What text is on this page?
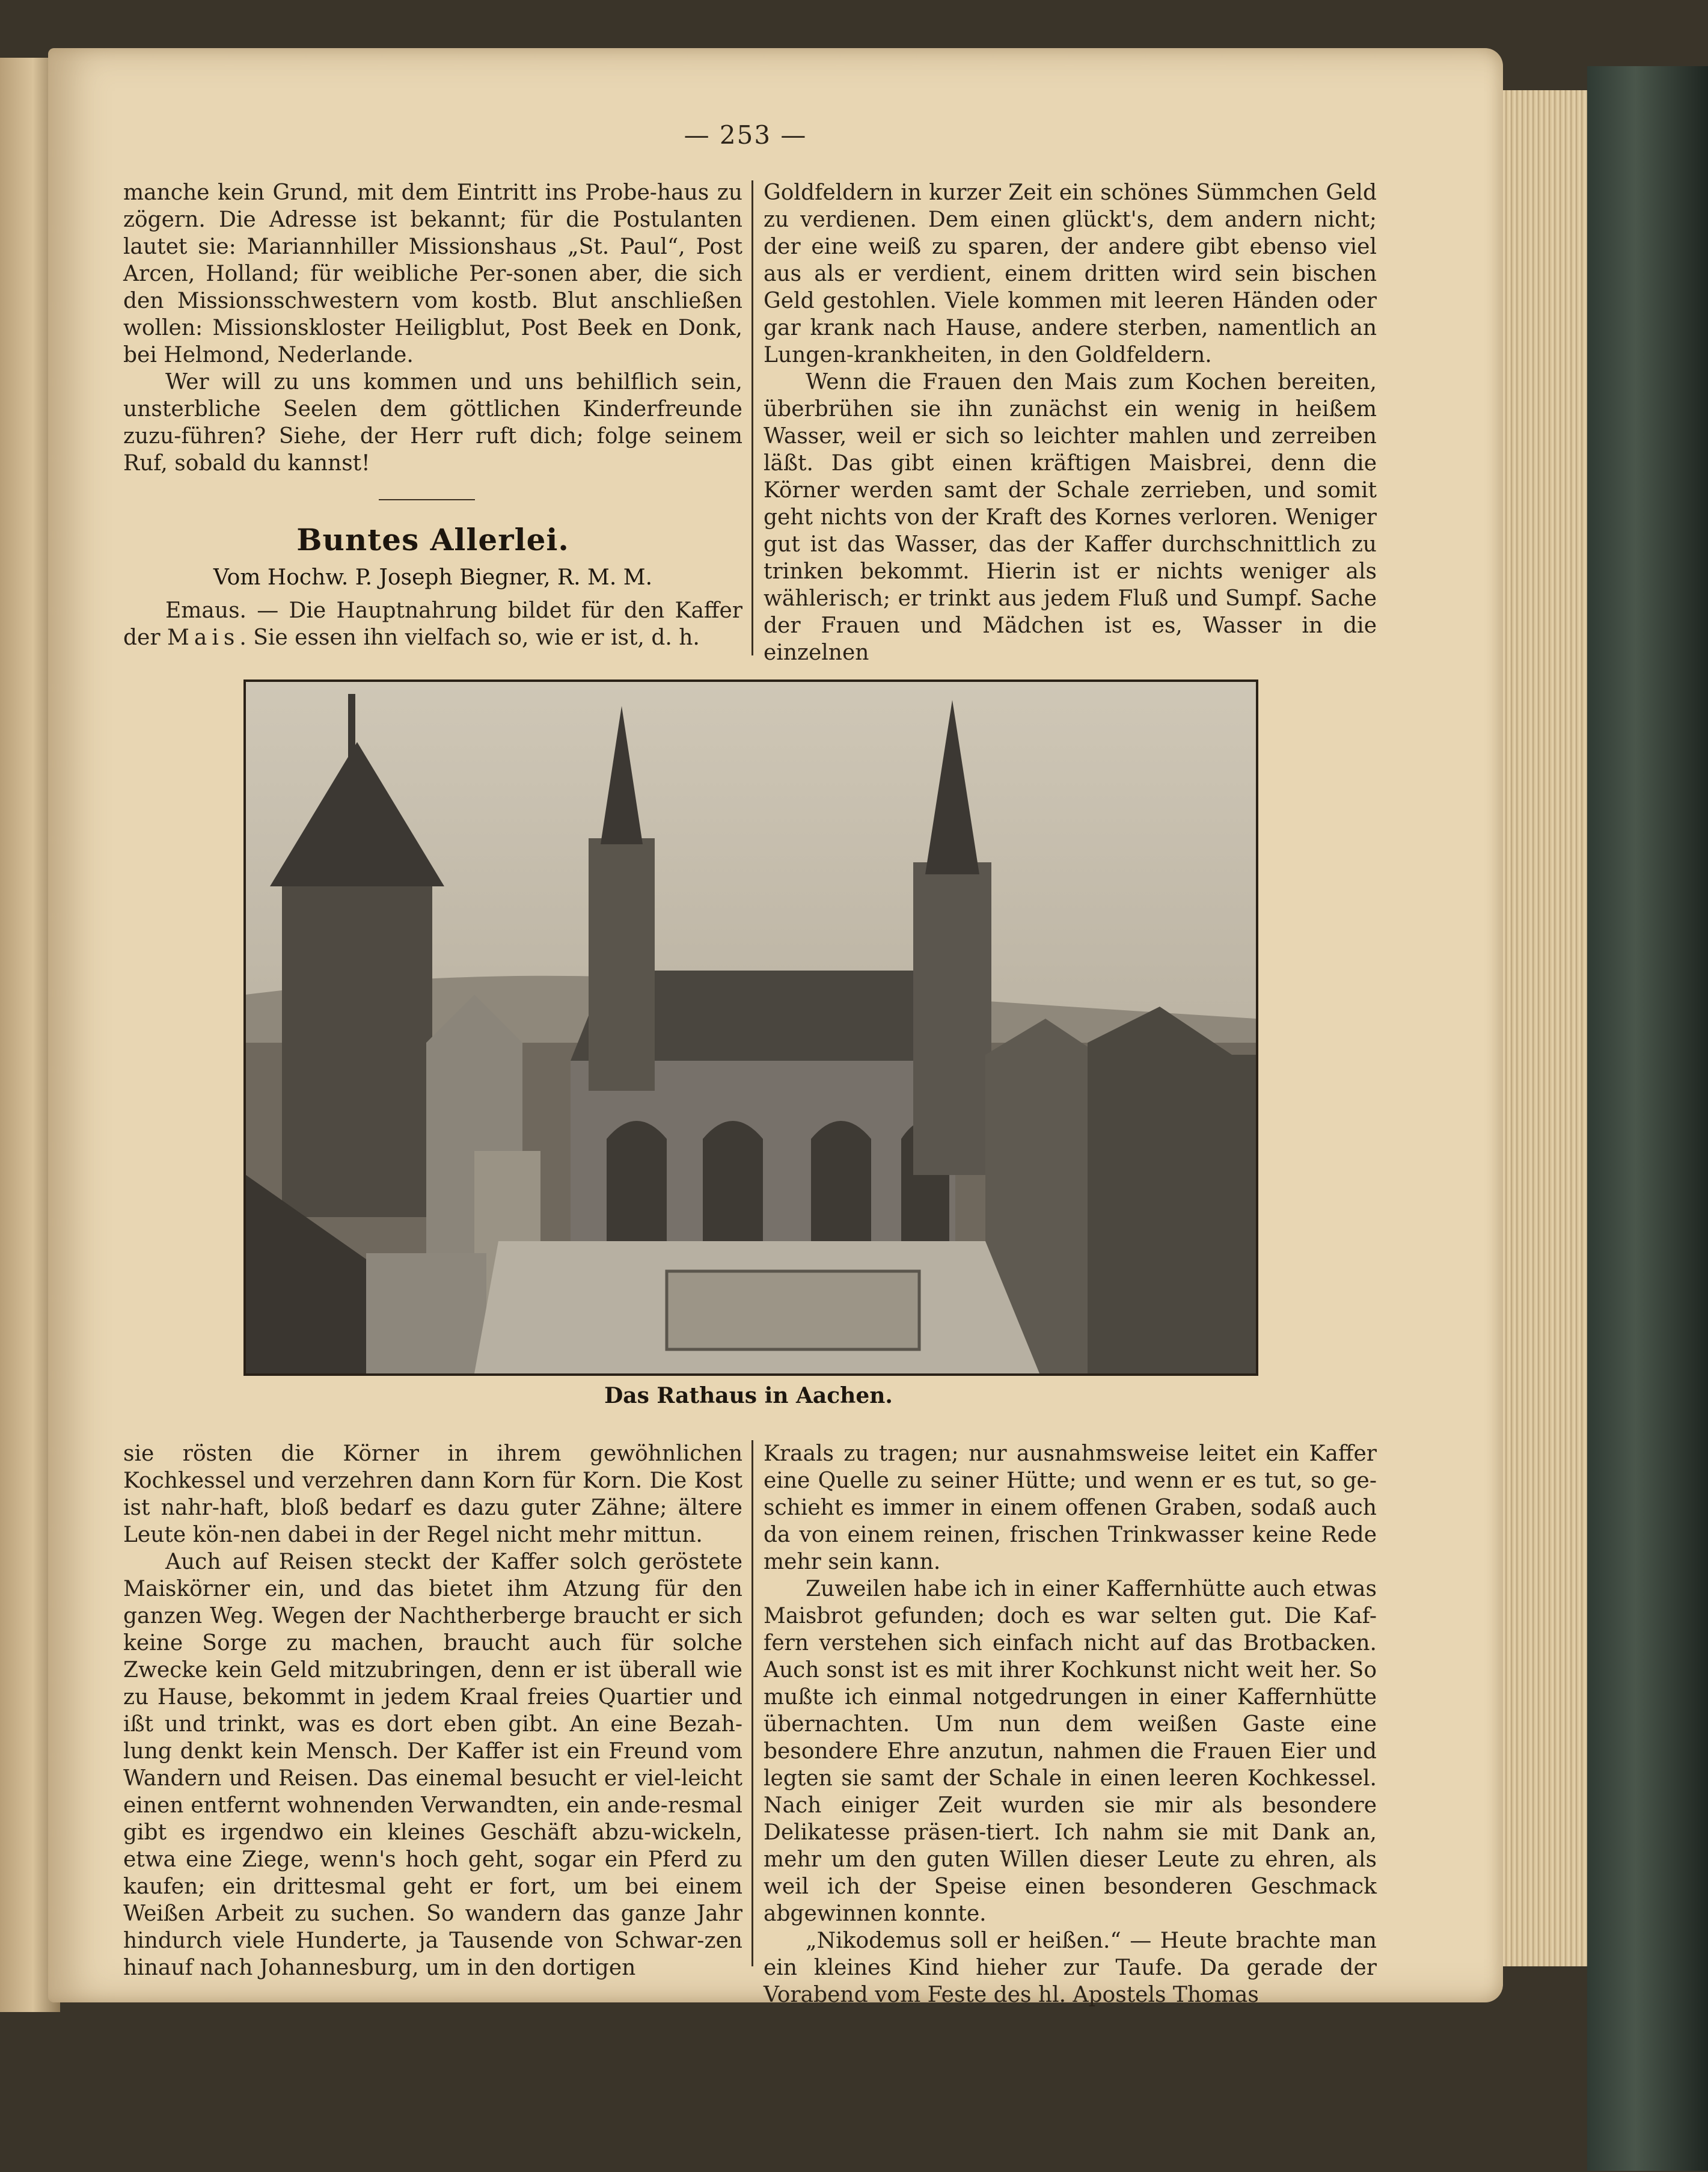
— 253 —

manche kein Grund, mit dem Eintritt ins Probe-haus zu zögern. Die Adresse ist bekannt; für die Postulanten lautet sie: Mariannhiller Missionshaus „St. Paul“, Post Arcen, Holland; für weibliche Per-sonen aber, die sich den Missionsschwestern vom kostb. Blut anschließen wollen: Missionskloster Heiligblut, Post Beek en Donk, bei Helmond, Nederlande.

Wer will zu uns kommen und uns behilflich sein, unsterbliche Seelen dem göttlichen Kinderfreunde zuzu-führen? Siehe, der Herr ruft dich; folge seinem Ruf, sobald du kannst!

Buntes Allerlei.
Vom Hochw. P. Joseph Biegner, R. M. M.

Emaus. — Die Hauptnahrung bildet für den Kaffer der Mais. Sie essen ihn vielfach so, wie er ist, d. h.

Goldfeldern in kurzer Zeit ein schönes Sümmchen Geld zu verdienen. Dem einen glückt's, dem andern nicht; der eine weiß zu sparen, der andere gibt ebenso viel aus als er verdient, einem dritten wird sein bischen Geld gestohlen. Viele kommen mit leeren Händen oder gar krank nach Hause, andere sterben, namentlich an Lungen-krankheiten, in den Goldfeldern.

Wenn die Frauen den Mais zum Kochen bereiten, überbrühen sie ihn zunächst ein wenig in heißem Wasser, weil er sich so leichter mahlen und zerreiben läßt. Das gibt einen kräftigen Maisbrei, denn die Körner werden samt der Schale zerrieben, und somit geht nichts von der Kraft des Kornes verloren. Weniger gut ist das Wasser, das der Kaffer durchschnittlich zu trinken bekommt. Hierin ist er nichts weniger als wählerisch; er trinkt aus jedem Fluß und Sumpf. Sache der Frauen und Mädchen ist es, Wasser in die einzelnen

Das Rathaus in Aachen.

sie rösten die Körner in ihrem gewöhnlichen Kochkessel und verzehren dann Korn für Korn. Die Kost ist nahr-haft, bloß bedarf es dazu guter Zähne; ältere Leute kön-nen dabei in der Regel nicht mehr mittun.

Auch auf Reisen steckt der Kaffer solch geröstete Maiskörner ein, und das bietet ihm Atzung für den ganzen Weg. Wegen der Nachtherberge braucht er sich keine Sorge zu machen, braucht auch für solche Zwecke kein Geld mitzubringen, denn er ist überall wie zu Hause, bekommt in jedem Kraal freies Quartier und ißt und trinkt, was es dort eben gibt. An eine Bezah-lung denkt kein Mensch. Der Kaffer ist ein Freund vom Wandern und Reisen. Das einemal besucht er viel-leicht einen entfernt wohnenden Verwandten, ein ande-resmal gibt es irgendwo ein kleines Geschäft abzu-wickeln, etwa eine Ziege, wenn's hoch geht, sogar ein Pferd zu kaufen; ein drittesmal geht er fort, um bei einem Weißen Arbeit zu suchen. So wandern das ganze Jahr hindurch viele Hunderte, ja Tausende von Schwar-zen hinauf nach Johannesburg, um in den dortigen

Kraals zu tragen; nur ausnahmsweise leitet ein Kaffer eine Quelle zu seiner Hütte; und wenn er es tut, so ge-schieht es immer in einem offenen Graben, sodaß auch da von einem reinen, frischen Trinkwasser keine Rede mehr sein kann.

Zuweilen habe ich in einer Kaffernhütte auch etwas Maisbrot gefunden; doch es war selten gut. Die Kaf-fern verstehen sich einfach nicht auf das Brotbacken. Auch sonst ist es mit ihrer Kochkunst nicht weit her. So mußte ich einmal notgedrungen in einer Kaffernhütte übernachten. Um nun dem weißen Gaste eine besondere Ehre anzutun, nahmen die Frauen Eier und legten sie samt der Schale in einen leeren Kochkessel. Nach einiger Zeit wurden sie mir als besondere Delikatesse präsen-tiert. Ich nahm sie mit Dank an, mehr um den guten Willen dieser Leute zu ehren, als weil ich der Speise einen besonderen Geschmack abgewinnen konnte.

„Nikodemus soll er heißen.“ — Heute brachte man ein kleines Kind hieher zur Taufe. Da gerade der Vorabend vom Feste des hl. Apostels Thomas
